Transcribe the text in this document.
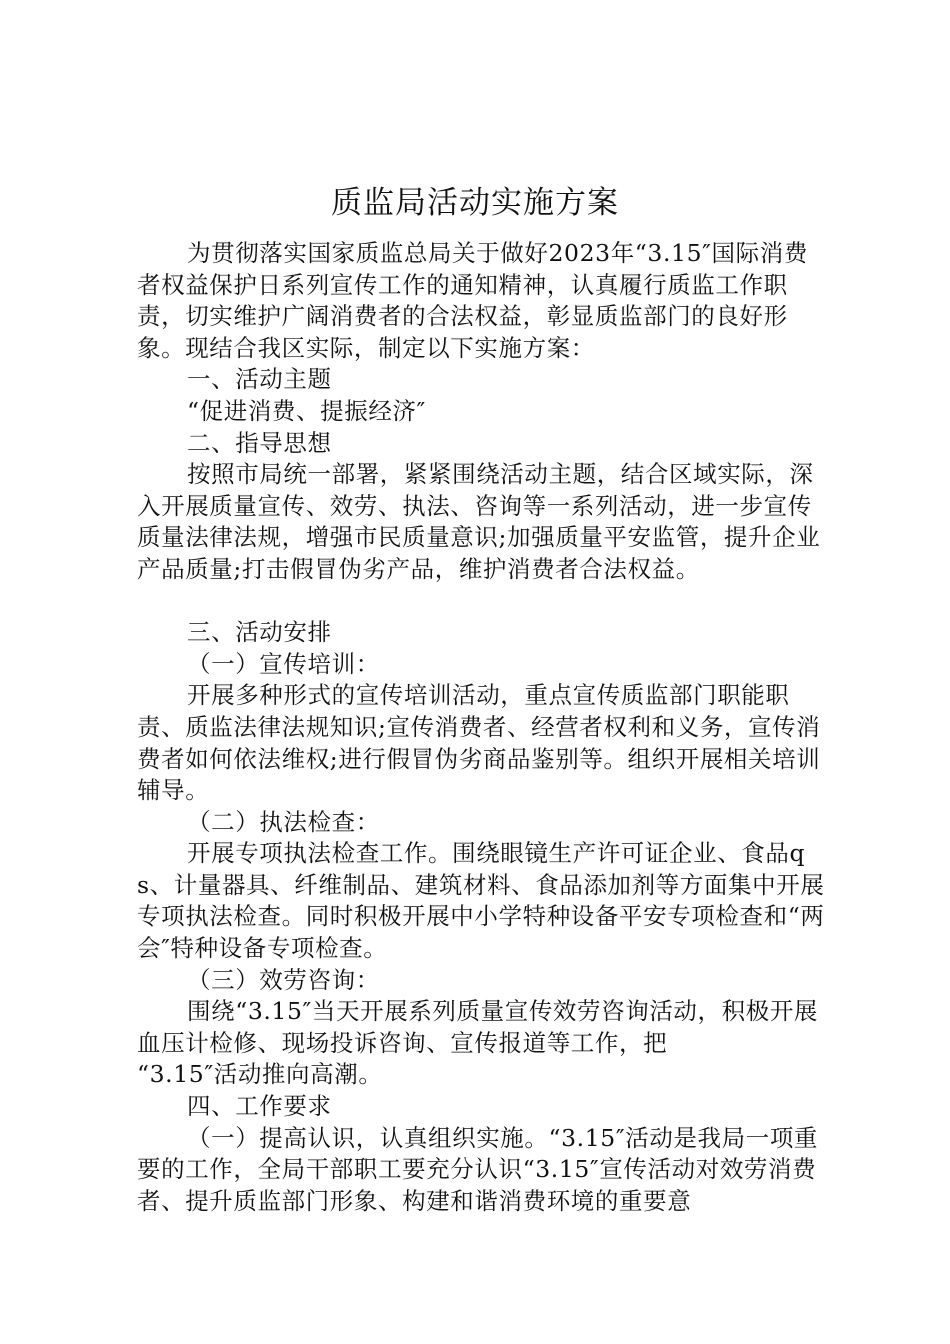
质监局活动实施方案

为贯彻落实国家质监总局关于做好2023年“3.15″国际消费者权益保护日系列宣传工作的通知精神，认真履行质监工作职责，切实维护广阔消费者的合法权益，彰显质监部门的良好形象。现结合我区实际，制定以下实施方案：

一、活动主题

“促进消费、提振经济″

二、指导思想

按照市局统一部署，紧紧围绕活动主题，结合区域实际，深入开展质量宣传、效劳、执法、咨询等一系列活动，进一步宣传质量法律法规，增强市民质量意识;加强质量平安监管，提升企业产品质量;打击假冒伪劣产品，维护消费者合法权益。

三、活动安排

（一）宣传培训：

开展多种形式的宣传培训活动，重点宣传质监部门职能职责、质监法律法规知识;宣传消费者、经营者权利和义务，宣传消费者如何依法维权;进行假冒伪劣商品鉴别等。组织开展相关培训辅导。

（二）执法检查：

开展专项执法检查工作。围绕眼镜生产许可证企业、食品qs、计量器具、纤维制品、建筑材料、食品添加剂等方面集中开展专项执法检查。同时积极开展中小学特种设备平安专项检查和“两会″特种设备专项检查。

（三）效劳咨询：

围绕“3.15″当天开展系列质量宣传效劳咨询活动，积极开展血压计检修、现场投诉咨询、宣传报道等工作，把

“3.15″活动推向高潮。

四、工作要求

（一）提高认识，认真组织实施。“3.15″活动是我局一项重要的工作，全局干部职工要充分认识“3.15″宣传活动对效劳消费者、提升质监部门形象、构建和谐消费环境的重要意
